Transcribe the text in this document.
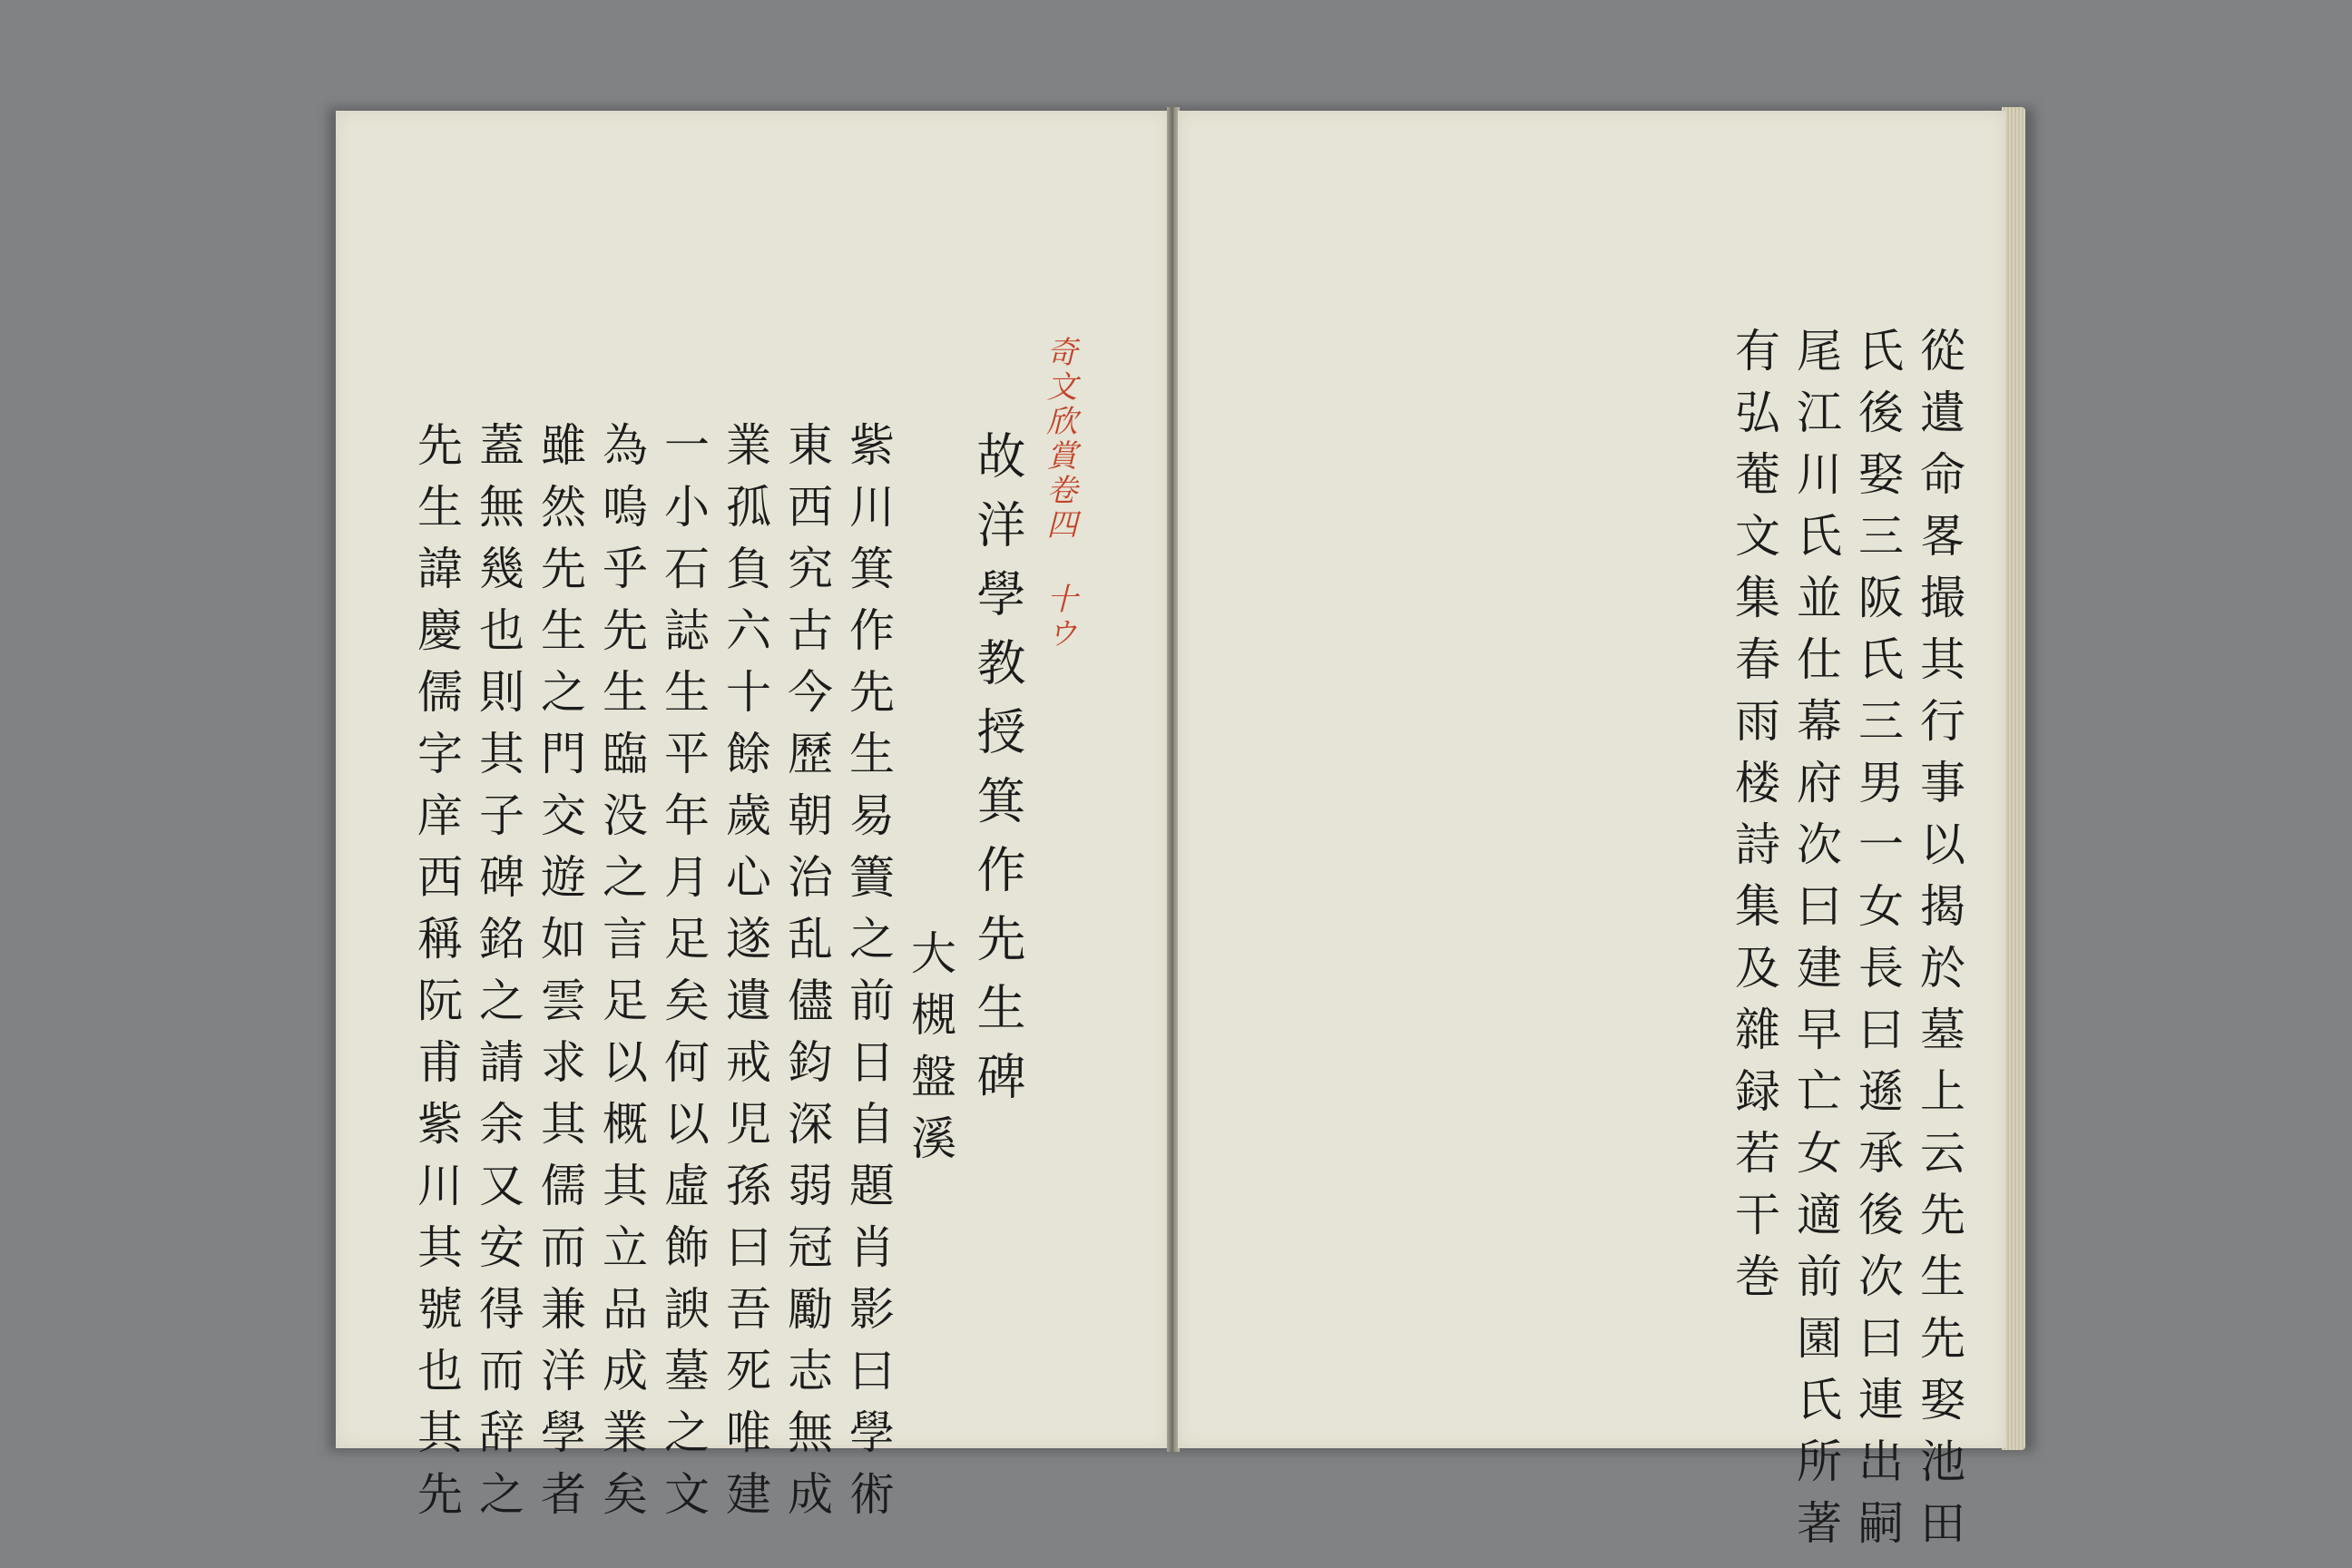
奇文欣賞卷四 十ウ
故洋學教授箕作先生碑
大槻盤溪
紫川箕作先生易簀之前日自題肖影曰學術
東西究古今歷朝治乱儘鈞深弱冠勵志無成
業孤負六十餘歲心遂遺戒児孫曰吾死唯建
一小石誌生平年月足矣何以虛飾諛墓之文
為嗚乎先生臨没之言足以概其立品成業矣
雖然先生之門交遊如雲求其儒而兼洋學者
蓋無幾也則其子碑銘之請余又安得而辞之
先生諱慶儒字庠西稱阮甫紫川其號也其先	從遺命畧撮其行事以揭於墓上云先生先娶池田
氏後娶三阪氏三男一女長曰遜承後次曰連出嗣
尾江川氏並仕幕府次曰建早亡女適前園氏所著
有弘菴文集春雨楼詩集及雜録若干巻
